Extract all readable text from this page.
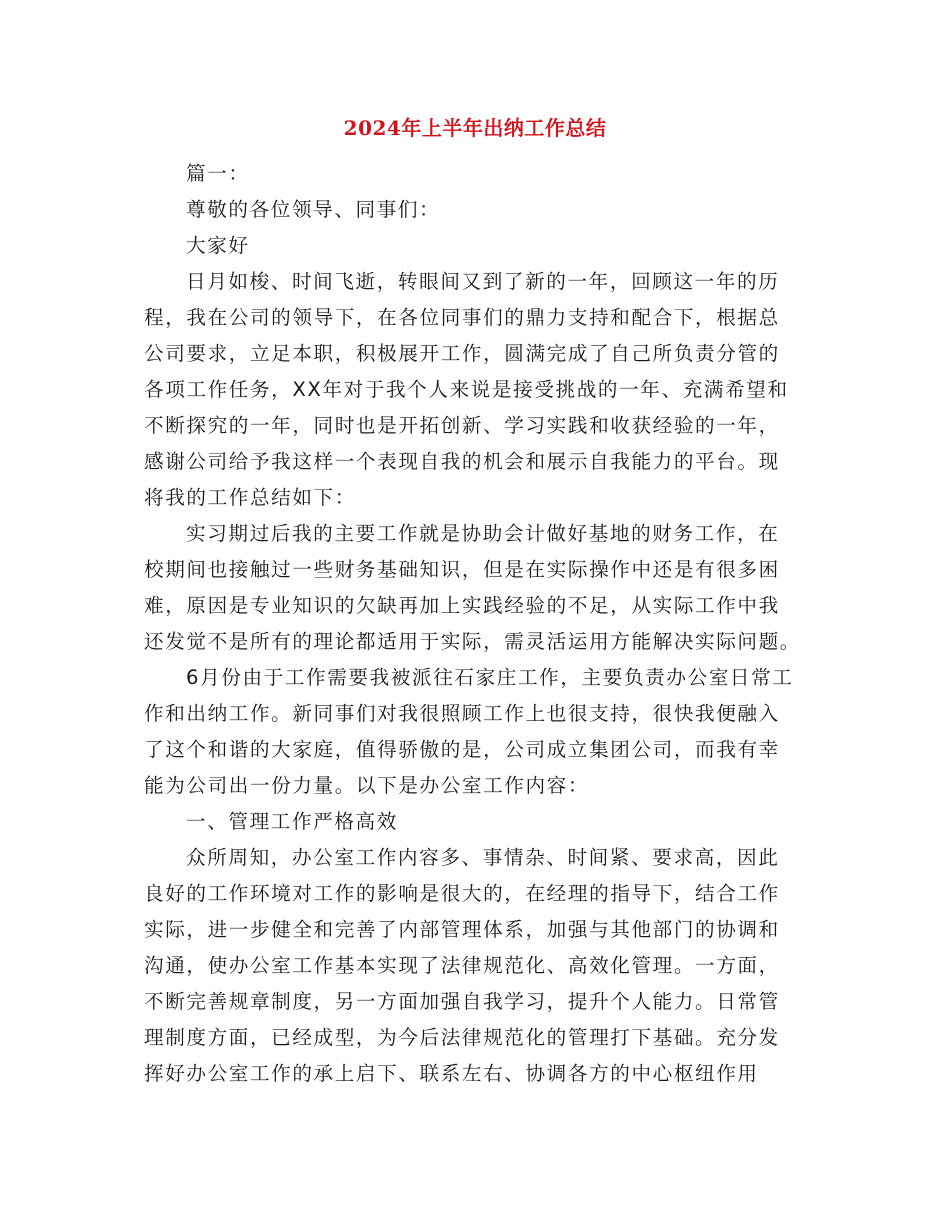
2024年上半年出纳工作总结
篇一：
尊敬的各位领导、同事们：
大家好
日月如梭、时间飞逝，转眼间又到了新的一年，回顾这一年的历
程，我在公司的领导下，在各位同事们的鼎力支持和配合下，根据总
公司要求，立足本职，积极展开工作，圆满完成了自己所负责分管的
各项工作任务，XX年对于我个人来说是接受挑战的一年、充满希望和
不断探究的一年，同时也是开拓创新、学习实践和收获经验的一年，
感谢公司给予我这样一个表现自我的机会和展示自我能力的平台。现
将我的工作总结如下：
实习期过后我的主要工作就是协助会计做好基地的财务工作，在
校期间也接触过一些财务基础知识，但是在实际操作中还是有很多困
难，原因是专业知识的欠缺再加上实践经验的不足，从实际工作中我
还发觉不是所有的理论都适用于实际，需灵活运用方能解决实际问题。
6月份由于工作需要我被派往石家庄工作，主要负责办公室日常工
作和出纳工作。新同事们对我很照顾工作上也很支持，很快我便融入
了这个和谐的大家庭，值得骄傲的是，公司成立集团公司，而我有幸
能为公司出一份力量。以下是办公室工作内容：
一、管理工作严格高效
众所周知，办公室工作内容多、事情杂、时间紧、要求高，因此
良好的工作环境对工作的影响是很大的，在经理的指导下，结合工作
实际，进一步健全和完善了内部管理体系，加强与其他部门的协调和
沟通，使办公室工作基本实现了法律规范化、高效化管理。一方面，
不断完善规章制度，另一方面加强自我学习，提升个人能力。日常管
理制度方面，已经成型，为今后法律规范化的管理打下基础。充分发
挥好办公室工作的承上启下、联系左右、协调各方的中心枢纽作用
